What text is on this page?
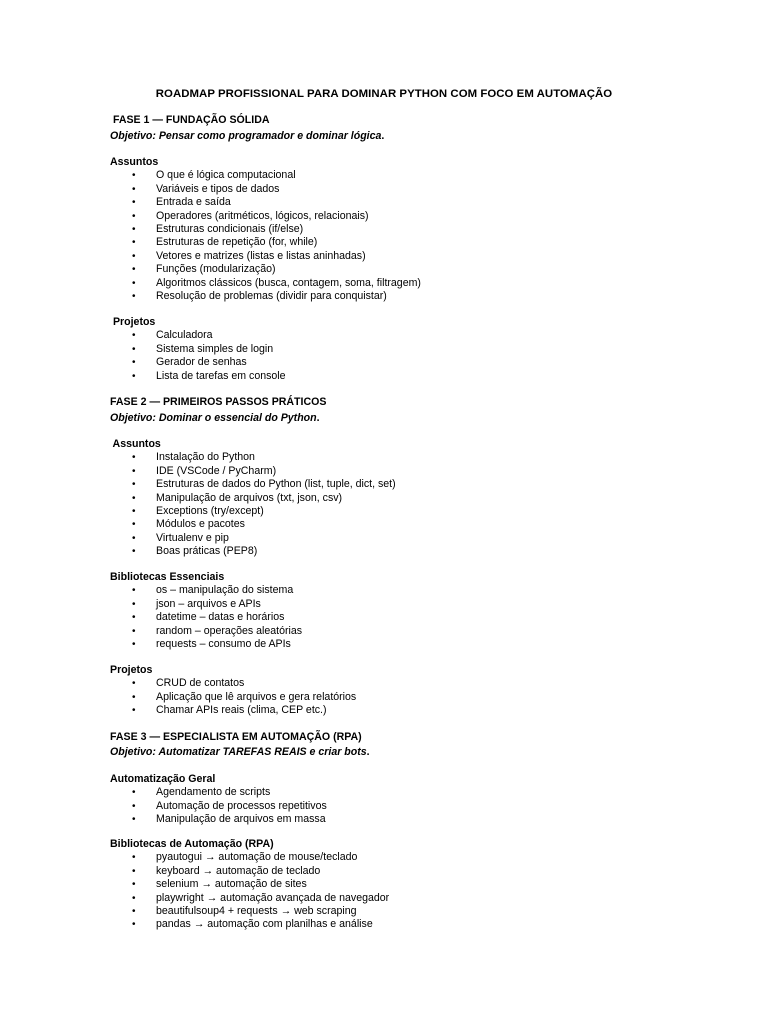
ROADMAP PROFISSIONAL PARA DOMINAR PYTHON COM FOCO EM AUTOMAÇÃO
FASE 1 — FUNDAÇÃO SÓLIDA
Objetivo: Pensar como programador e dominar lógica.
Assuntos
• O que é lógica computacional
• Variáveis e tipos de dados
• Entrada e saída
• Operadores (aritméticos, lógicos, relacionais)
• Estruturas condicionais (if/else)
• Estruturas de repetição (for, while)
• Vetores e matrizes (listas e listas aninhadas)
• Funções (modularização)
• Algoritmos clássicos (busca, contagem, soma, filtragem)
• Resolução de problemas (dividir para conquistar)
Projetos
• Calculadora
• Sistema simples de login
• Gerador de senhas
• Lista de tarefas em console
FASE 2 — PRIMEIROS PASSOS PRÁTICOS
Objetivo: Dominar o essencial do Python.
Assuntos
• Instalação do Python
• IDE (VSCode / PyCharm)
• Estruturas de dados do Python (list, tuple, dict, set)
• Manipulação de arquivos (txt, json, csv)
• Exceptions (try/except)
• Módulos e pacotes
• Virtualenv e pip
• Boas práticas (PEP8)
Bibliotecas Essenciais
• os – manipulação do sistema
• json – arquivos e APIs
• datetime – datas e horários
• random – operações aleatórias
• requests – consumo de APIs
Projetos
• CRUD de contatos
• Aplicação que lê arquivos e gera relatórios
• Chamar APIs reais (clima, CEP etc.)
FASE 3 — ESPECIALISTA EM AUTOMAÇÃO (RPA)
Objetivo: Automatizar TAREFAS REAIS e criar bots.
Automatização Geral
• Agendamento de scripts
• Automação de processos repetitivos
• Manipulação de arquivos em massa
Bibliotecas de Automação (RPA)
• pyautogui → automação de mouse/teclado
• keyboard → automação de teclado
• selenium → automação de sites
• playwright → automação avançada de navegador
• beautifulsoup4 + requests → web scraping
• pandas → automação com planilhas e análise
